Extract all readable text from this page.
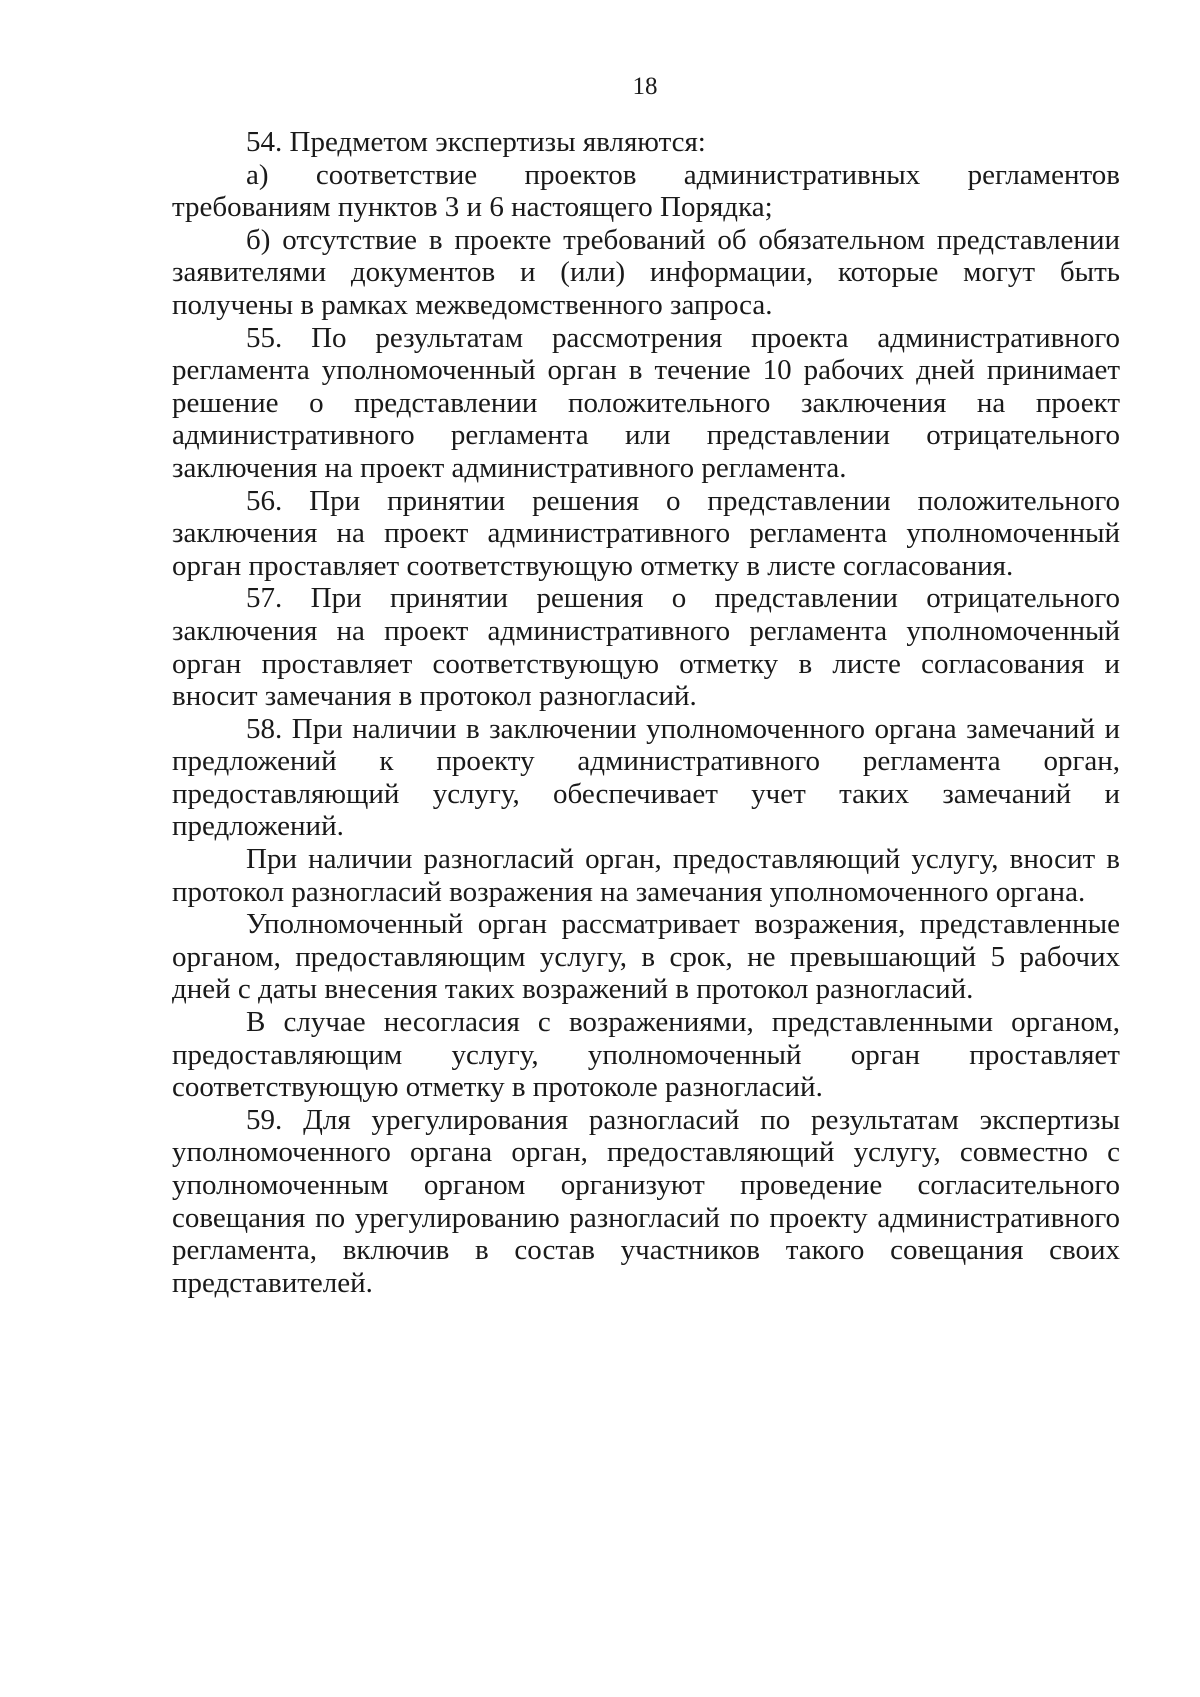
18

54. Предметом экспертизы являются:

а) соответствие проектов административных регламентов требованиям пунктов 3 и 6 настоящего Порядка;

б) отсутствие в проекте требований об обязательном представлении заявителями документов и (или) информации, которые могут быть получены в рамках межведомственного запроса.

55. По результатам рассмотрения проекта административного регламента уполномоченный орган в течение 10 рабочих дней принимает решение о представлении положительного заключения на проект административного регламента или представлении отрицательного заключения на проект административного регламента.

56. При принятии решения о представлении положительного заключения на проект административного регламента уполномоченный орган проставляет соответствующую отметку в листе согласования.

57. При принятии решения о представлении отрицательного заключения на проект административного регламента уполномоченный орган проставляет соответствующую отметку в листе согласования и вносит замечания в протокол разногласий.

58. При наличии в заключении уполномоченного органа замечаний и предложений к проекту административного регламента орган, предоставляющий услугу, обеспечивает учет таких замечаний и предложений.

При наличии разногласий орган, предоставляющий услугу, вносит в протокол разногласий возражения на замечания уполномоченного органа.

Уполномоченный орган рассматривает возражения, представленные органом, предоставляющим услугу, в срок, не превышающий 5 рабочих дней с даты внесения таких возражений в протокол разногласий.

В случае несогласия с возражениями, представленными органом, предоставляющим услугу, уполномоченный орган проставляет соответствующую отметку в протоколе разногласий.

59. Для урегулирования разногласий по результатам экспертизы уполномоченного органа орган, предоставляющий услугу, совместно с уполномоченным органом организуют проведение согласительного совещания по урегулированию разногласий по проекту административного регламента, включив в состав участников такого совещания своих представителей.
